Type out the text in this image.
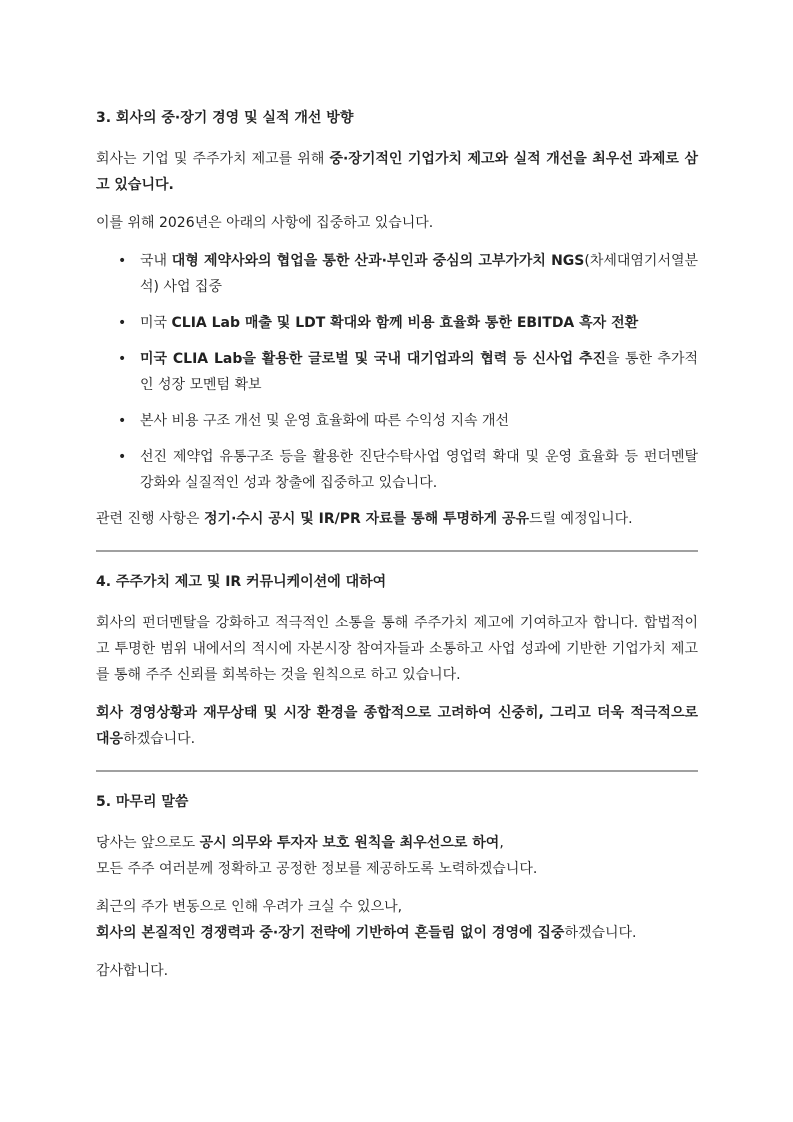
3. 회사의 중·장기 경영 및 실적 개선 방향

회사는 기업 및 주주가치 제고를 위해 중·장기적인 기업가치 제고와 실적 개선을 최우선 과제로 삼고 있습니다.

이를 위해 2026년은 아래의 사항에 집중하고 있습니다.

• 국내 대형 제약사와의 협업을 통한 산과·부인과 중심의 고부가가치 NGS(차세대염기서열분석) 사업 집중
• 미국 CLIA Lab 매출 및 LDT 확대와 함께 비용 효율화 통한 EBITDA 흑자 전환
• 미국 CLIA Lab을 활용한 글로벌 및 국내 대기업과의 협력 등 신사업 추진을 통한 추가적인 성장 모멘텀 확보
• 본사 비용 구조 개선 및 운영 효율화에 따른 수익성 지속 개선
• 선진 제약업 유통구조 등을 활용한 진단수탁사업 영업력 확대 및 운영 효율화 등 펀더멘탈 강화와 실질적인 성과 창출에 집중하고 있습니다.

관련 진행 사항은 정기·수시 공시 및 IR/PR 자료를 통해 투명하게 공유드릴 예정입니다.

4. 주주가치 제고 및 IR 커뮤니케이션에 대하여

회사의 펀더멘탈을 강화하고 적극적인 소통을 통해 주주가치 제고에 기여하고자 합니다. 합법적이고 투명한 범위 내에서의 적시에 자본시장 참여자들과 소통하고 사업 성과에 기반한 기업가치 제고를 통해 주주 신뢰를 회복하는 것을 원칙으로 하고 있습니다.

회사 경영상황과 재무상태 및 시장 환경을 종합적으로 고려하여 신중히, 그리고 더욱 적극적으로 대응하겠습니다.

5. 마무리 말씀

당사는 앞으로도 공시 의무와 투자자 보호 원칙을 최우선으로 하여,
모든 주주 여러분께 정확하고 공정한 정보를 제공하도록 노력하겠습니다.

최근의 주가 변동으로 인해 우려가 크실 수 있으나,
회사의 본질적인 경쟁력과 중·장기 전략에 기반하여 흔들림 없이 경영에 집중하겠습니다.

감사합니다.
